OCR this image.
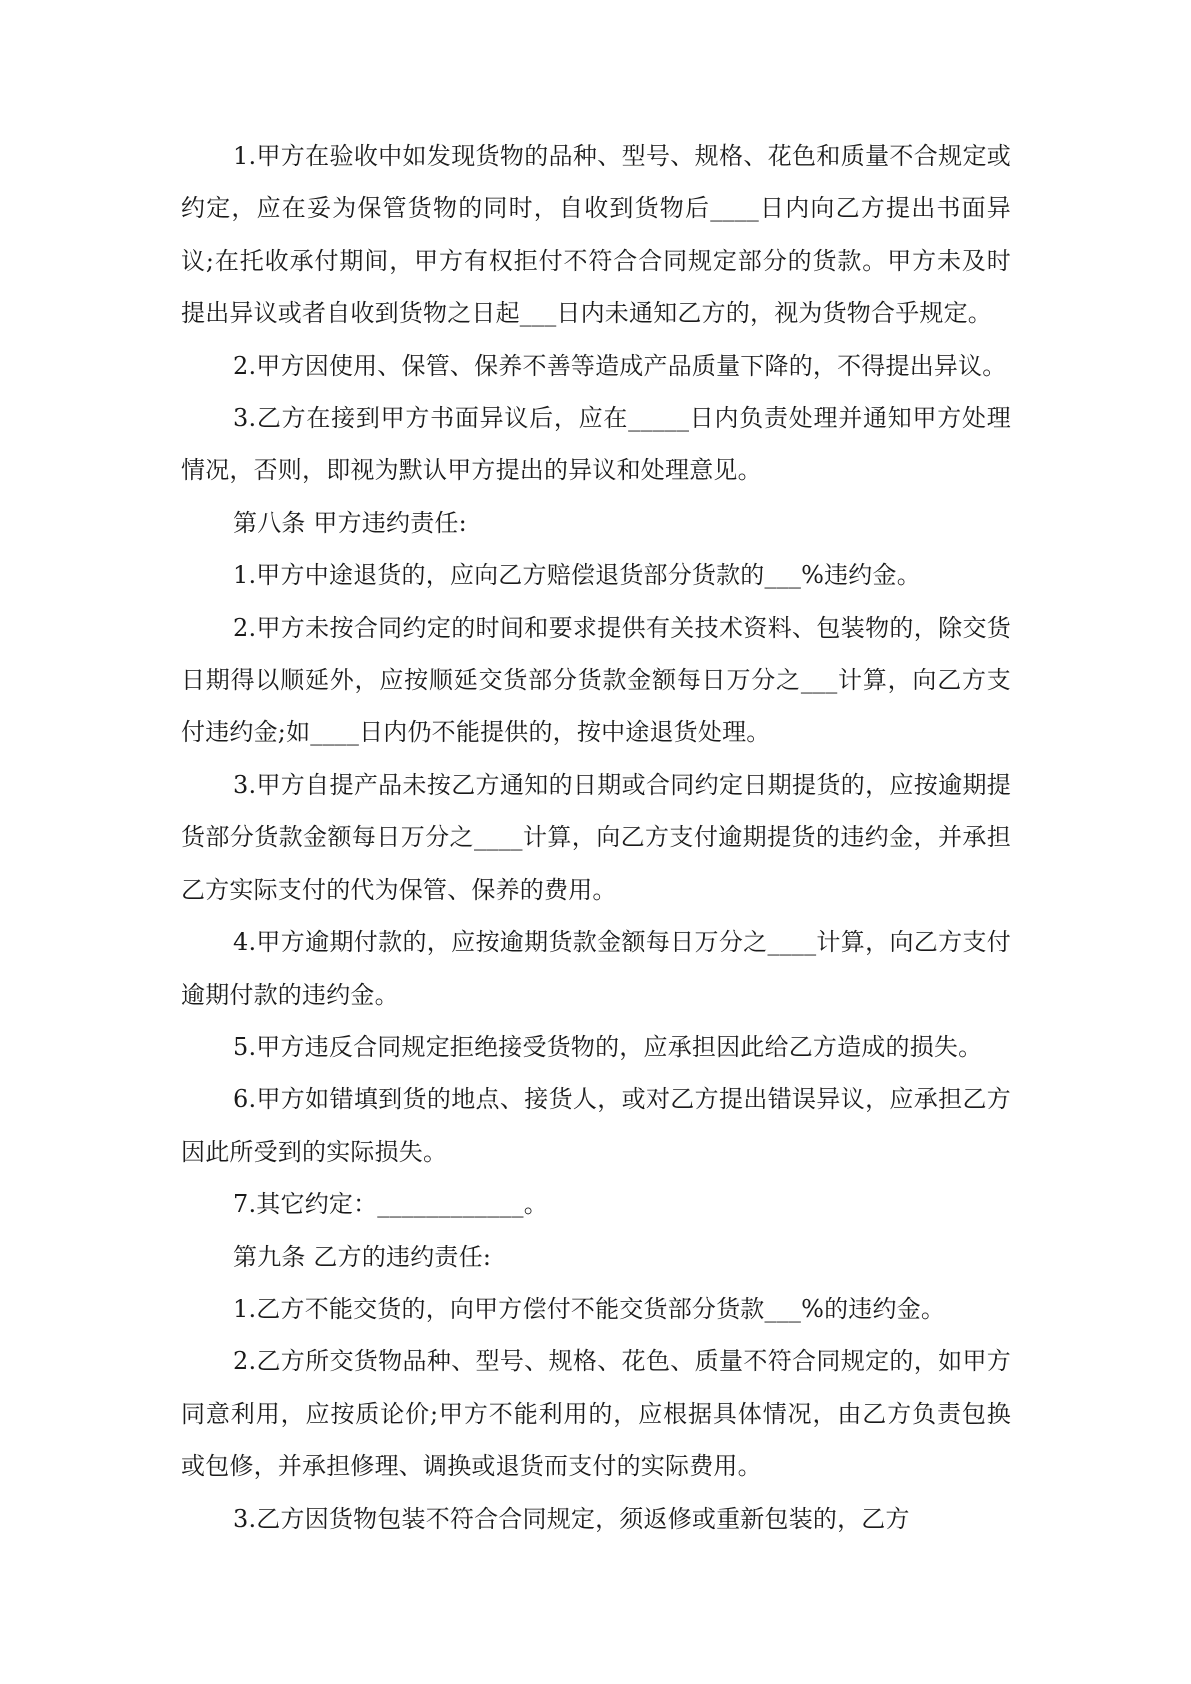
1.甲方在验收中如发现货物的品种、型号、规格、花色和质量不合规定或约定，应在妥为保管货物的同时，自收到货物后____日内向乙方提出书面异议;在托收承付期间，甲方有权拒付不符合合同规定部分的货款。甲方未及时提出异议或者自收到货物之日起___日内未通知乙方的，视为货物合乎规定。

2.甲方因使用、保管、保养不善等造成产品质量下降的，不得提出异议。

3.乙方在接到甲方书面异议后，应在_____日内负责处理并通知甲方处理情况，否则，即视为默认甲方提出的异议和处理意见。

第八条 甲方违约责任:

1.甲方中途退货的，应向乙方赔偿退货部分货款的___%违约金。

2.甲方未按合同约定的时间和要求提供有关技术资料、包装物的，除交货日期得以顺延外，应按顺延交货部分货款金额每日万分之___计算，向乙方支付违约金;如____日内仍不能提供的，按中途退货处理。

3.甲方自提产品未按乙方通知的日期或合同约定日期提货的，应按逾期提货部分货款金额每日万分之____计算，向乙方支付逾期提货的违约金，并承担乙方实际支付的代为保管、保养的费用。

4.甲方逾期付款的，应按逾期货款金额每日万分之____计算，向乙方支付逾期付款的违约金。

5.甲方违反合同规定拒绝接受货物的，应承担因此给乙方造成的损失。

6.甲方如错填到货的地点、接货人，或对乙方提出错误异议，应承担乙方因此所受到的实际损失。

7.其它约定：____________。

第九条 乙方的违约责任:

1.乙方不能交货的，向甲方偿付不能交货部分货款___%的违约金。

2.乙方所交货物品种、型号、规格、花色、质量不符合同规定的，如甲方同意利用，应按质论价;甲方不能利用的，应根据具体情况，由乙方负责包换或包修，并承担修理、调换或退货而支付的实际费用。

3.乙方因货物包装不符合合同规定，须返修或重新包装的，乙方
